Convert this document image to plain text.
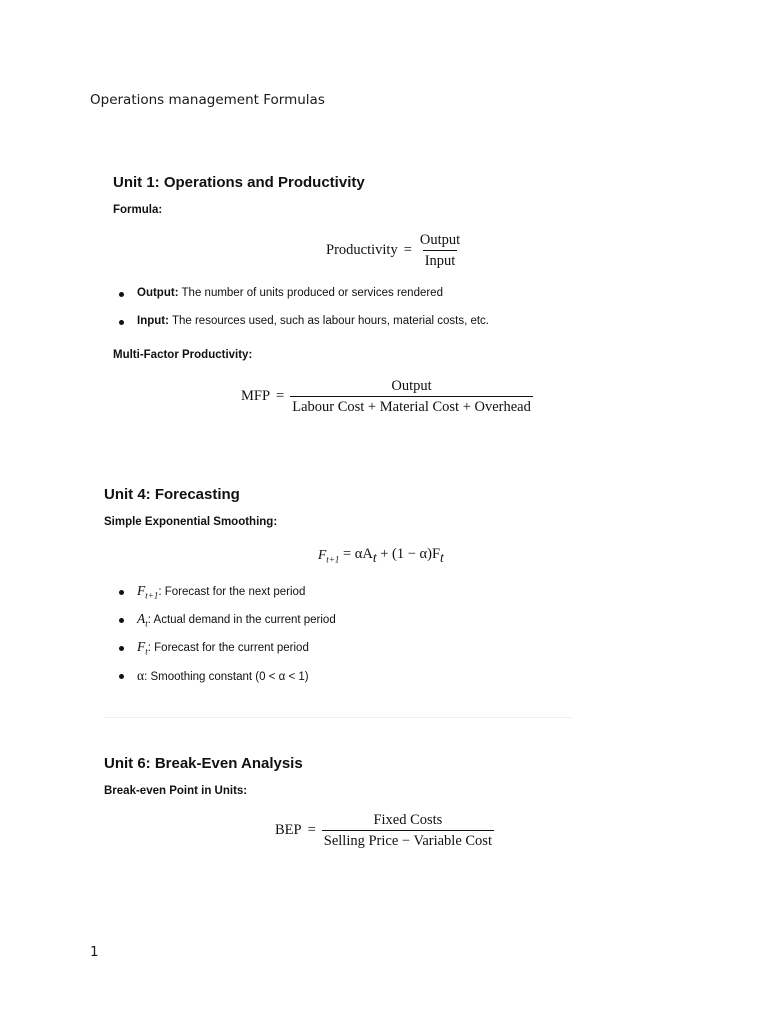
Operations management Formulas
Unit 1: Operations and Productivity
Formula:
Productivity = $\frac{\text{Output}}{\text{Input}}$
Output: The number of units produced or services rendered
Input: The resources used, such as labour hours, material costs, etc.
Multi-Factor Productivity:
MFP = $\frac{\text{Output}}{\text{Labour Cost + Material Cost + Overhead}}$
Unit 4: Forecasting
Simple Exponential Smoothing:
$F_{t+1} = \alpha A_t + (1 - \alpha)F_t$
$F_{t+1}$: Forecast for the next period
$A_t$: Actual demand in the current period
$F_t$: Forecast for the current period
α: Smoothing constant (0 < α < 1)
Unit 6: Break-Even Analysis
Break-even Point in Units:
BEP = $\frac{\text{Fixed Costs}}{\text{Selling Price − Variable Cost}}$
1
